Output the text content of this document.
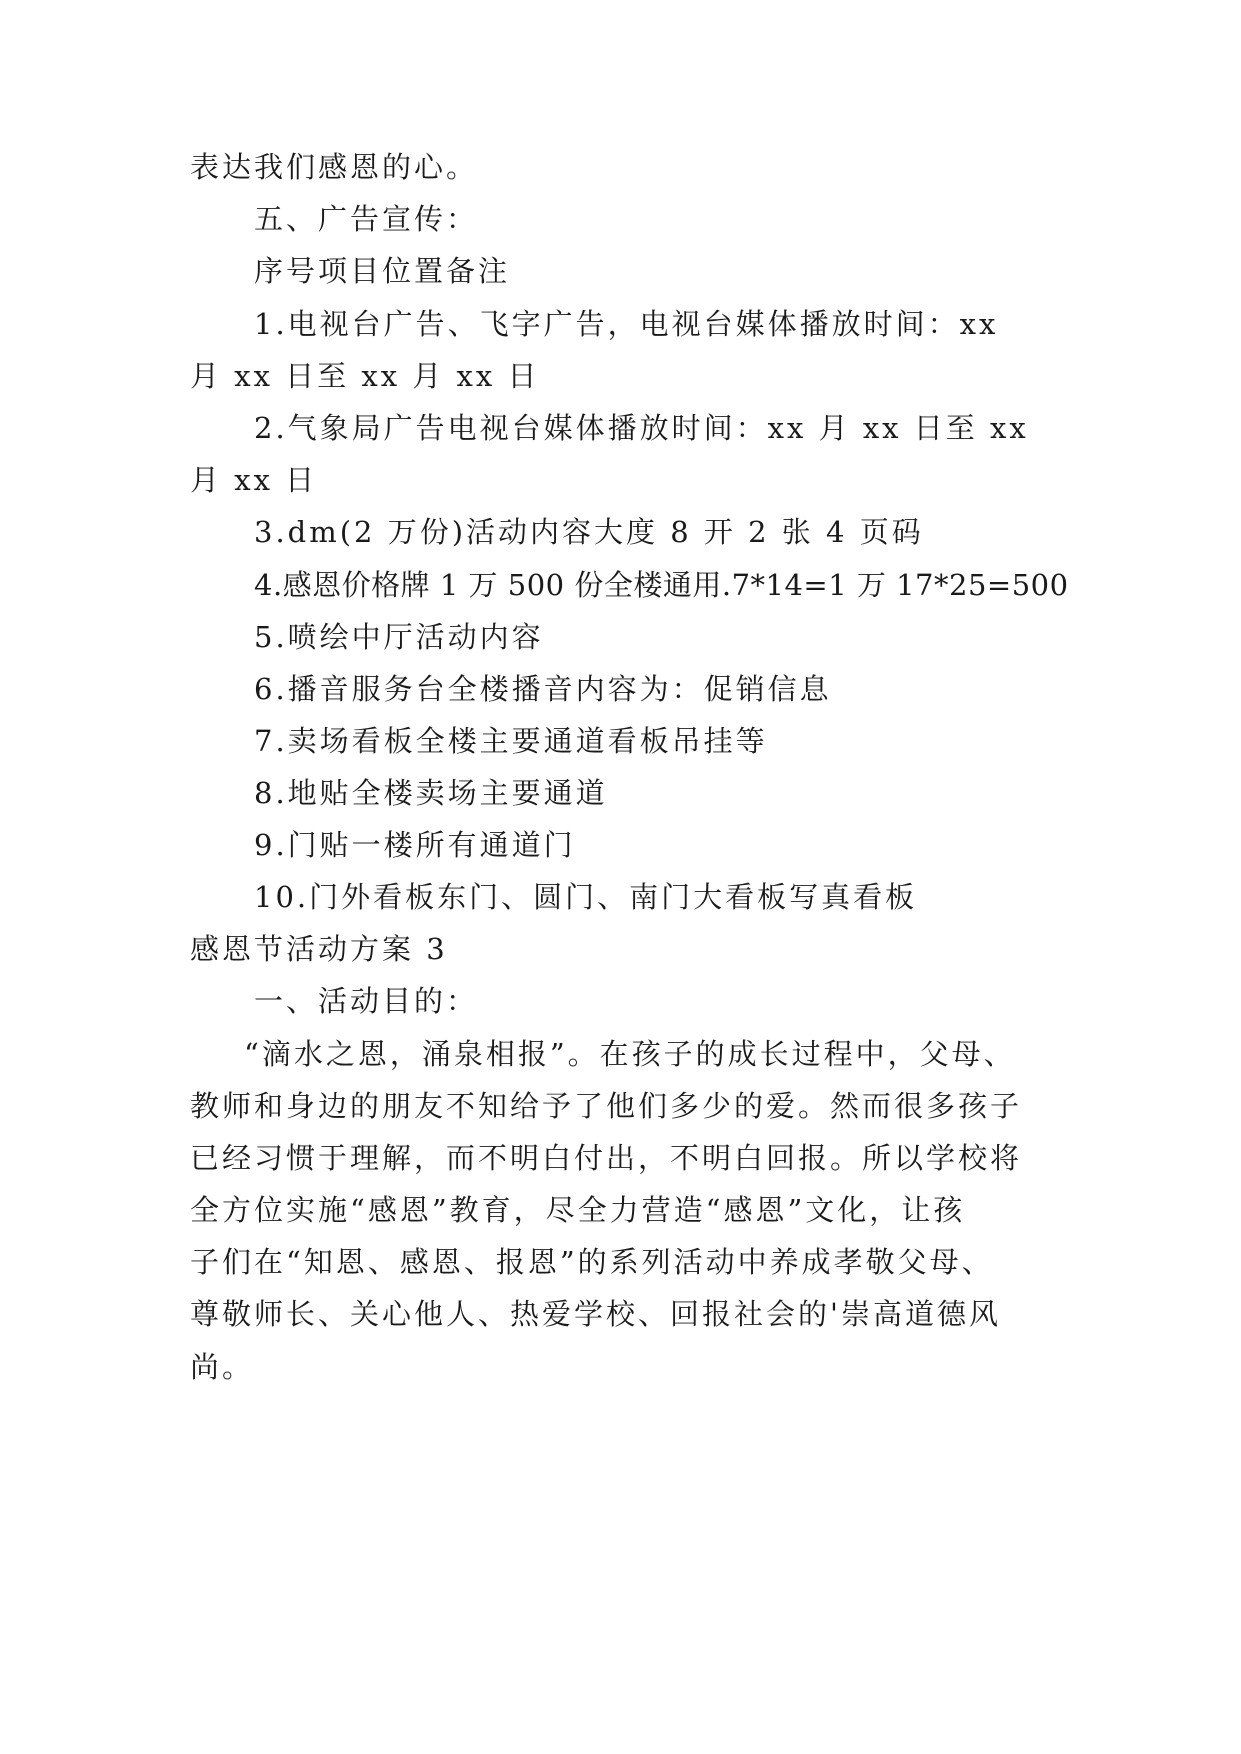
表达我们感恩的心。

五、广告宣传：

序号项目位置备注

1.电视台广告、飞字广告，电视台媒体播放时间：xx

月 xx 日至 xx 月 xx 日

2.气象局广告电视台媒体播放时间：xx 月 xx 日至 xx

月 xx 日

3.dm(2 万份)活动内容大度 8 开 2 张 4 页码

4.感恩价格牌 1 万 500 份全楼通用.7*14=1 万 17*25=500

5.喷绘中厅活动内容

6.播音服务台全楼播音内容为：促销信息

7.卖场看板全楼主要通道看板吊挂等

8.地贴全楼卖场主要通道

9.门贴一楼所有通道门

10.门外看板东门、圆门、南门大看板写真看板

感恩节活动方案 3

一、活动目的：

“滴水之恩，涌泉相报”。在孩子的成长过程中，父母、

教师和身边的朋友不知给予了他们多少的爱。然而很多孩子

已经习惯于理解，而不明白付出，不明白回报。所以学校将

全方位实施“感恩”教育，尽全力营造“感恩”文化，让孩

子们在“知恩、感恩、报恩”的系列活动中养成孝敬父母、

尊敬师长、关心他人、热爱学校、回报社会的'崇高道德风

尚。
